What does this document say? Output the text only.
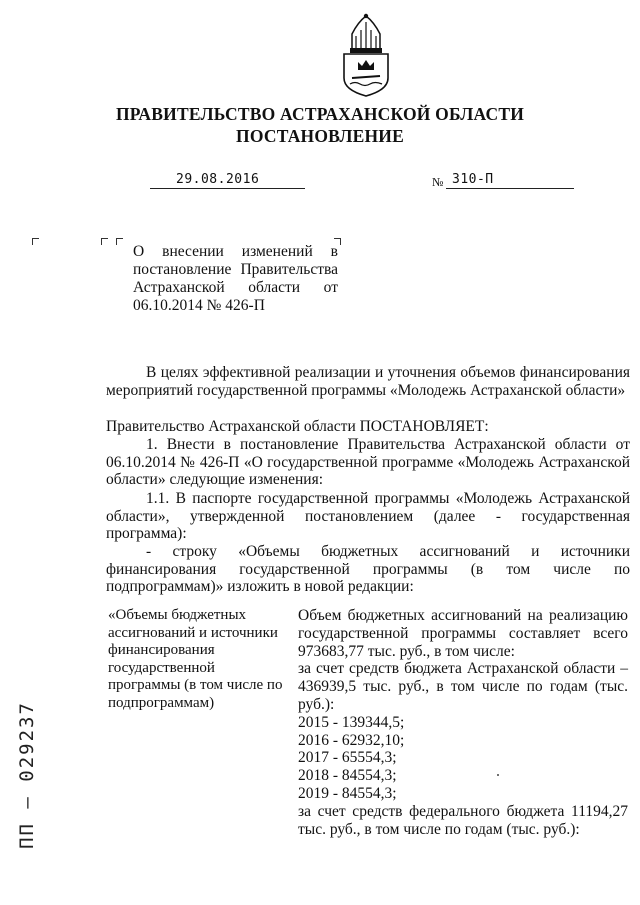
ПРАВИТЕЛЬСТВО АСТРАХАНСКОЙ ОБЛАСТИ
ПОСТАНОВЛЕНИЕ
29.08.2016	№ 310-П
О внесении изменений в постановление Правительства Астраханской области от 06.10.2014 № 426-П
В целях эффективной реализации и уточнения объемов финансирования мероприятий государственной программы «Молодежь Астраханской области»
Правительство Астраханской области ПОСТАНОВЛЯЕТ:
1. Внести в постановление Правительства Астраханской области от 06.10.2014 № 426-П «О государственной программе «Молодежь Астраханской области» следующие изменения:
1.1. В паспорте государственной программы «Молодежь Астраханской области», утвержденной постановлением (далее - государственная программа):
- строку «Объемы бюджетных ассигнований и источники финансирования государственной программы (в том числе по подпрограммам)» изложить в новой редакции:
«Объемы бюджетных ассигнований и источники финансирования государственной программы (в том числе по подпрограммам)
Объем бюджетных ассигнований на реализацию государственной программы составляет всего 973683,77 тыс. руб., в том числе:
за счет средств бюджета Астраханской области – 436939,5 тыс. руб., в том числе по годам (тыс. руб.):
2015 - 139344,5;
2016 - 62932,10;
2017 - 65554,3;
2018 - 84554,3;
2019 - 84554,3;
за счет средств федерального бюджета 11194,27 тыс. руб., в том числе по годам (тыс. руб.):
ПП – 029237
